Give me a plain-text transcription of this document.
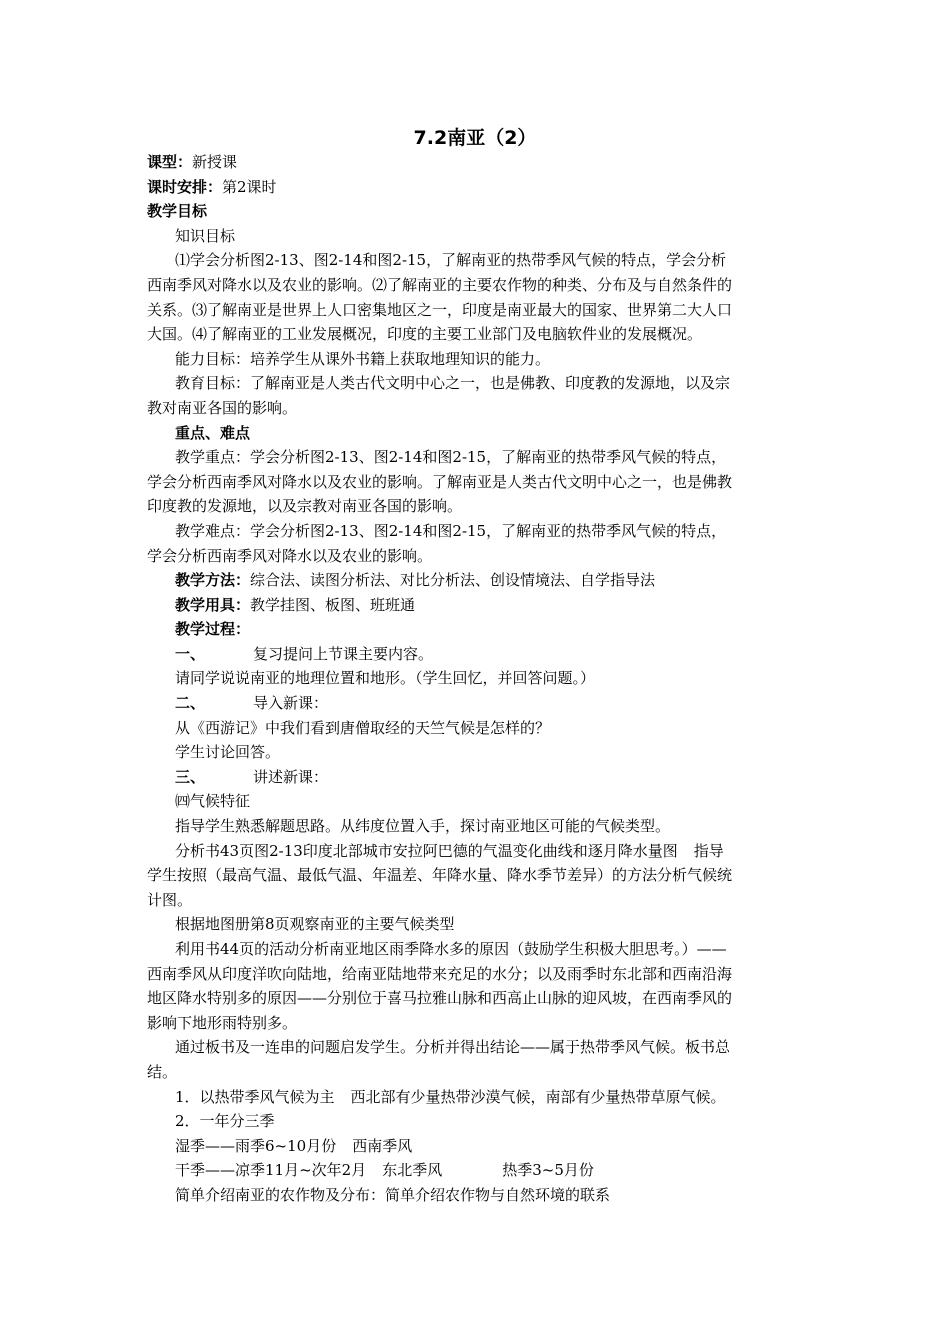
7.2南亚（2）

课型：新授课

课时安排：第2课时

教学目标

知识目标

⑴学会分析图2-13、图2-14和图2-15，了解南亚的热带季风气候的特点，学会分析

西南季风对降水以及农业的影响。⑵了解南亚的主要农作物的种类、分布及与自然条件的

关系。⑶了解南亚是世界上人口密集地区之一，印度是南亚最大的国家、世界第二大人口

大国。⑷了解南亚的工业发展概况，印度的主要工业部门及电脑软件业的发展概况。

能力目标：培养学生从课外书籍上获取地理知识的能力。

教育目标：了解南亚是人类古代文明中心之一，也是佛教、印度教的发源地，以及宗

教对南亚各国的影响。

重点、难点

教学重点：学会分析图2-13、图2-14和图2-15，了解南亚的热带季风气候的特点，

学会分析西南季风对降水以及农业的影响。了解南亚是人类古代文明中心之一，也是佛教

印度教的发源地，以及宗教对南亚各国的影响。

教学难点：学会分析图2-13、图2-14和图2-15，了解南亚的热带季风气候的特点，

学会分析西南季风对降水以及农业的影响。

教学方法：综合法、读图分析法、对比分析法、创设情境法、自学指导法

教学用具：教学挂图、板图、班班通

教学过程：

一、	复习提问上节课主要内容。

请同学说说南亚的地理位置和地形。（学生回忆，并回答问题。）

二、	导入新课：

从《西游记》中我们看到唐僧取经的天竺气候是怎样的？

学生讨论回答。

三、	讲述新课：

㈣气候特征

指导学生熟悉解题思路。从纬度位置入手，探讨南亚地区可能的气候类型。

分析书43页图2-13印度北部城市安拉阿巴德的气温变化曲线和逐月降水量图 指导

学生按照（最高气温、最低气温、年温差、年降水量、降水季节差异）的方法分析气候统

计图。

根据地图册第8页观察南亚的主要气候类型

利用书44页的活动分析南亚地区雨季降水多的原因（鼓励学生积极大胆思考。）——

西南季风从印度洋吹向陆地，给南亚陆地带来充足的水分；以及雨季时东北部和西南沿海

地区降水特别多的原因——分别位于喜马拉雅山脉和西高止山脉的迎风坡，在西南季风的

影响下地形雨特别多。

通过板书及一连串的问题启发学生。分析并得出结论——属于热带季风气候。板书总

结。

1．以热带季风气候为主 西北部有少量热带沙漠气候，南部有少量热带草原气候。

2．一年分三季

湿季——雨季6~10月份 西南季风

干季——凉季11月~次年2月 东北季风	热季3~5月份

简单介绍南亚的农作物及分布：简单介绍农作物与自然环境的联系
